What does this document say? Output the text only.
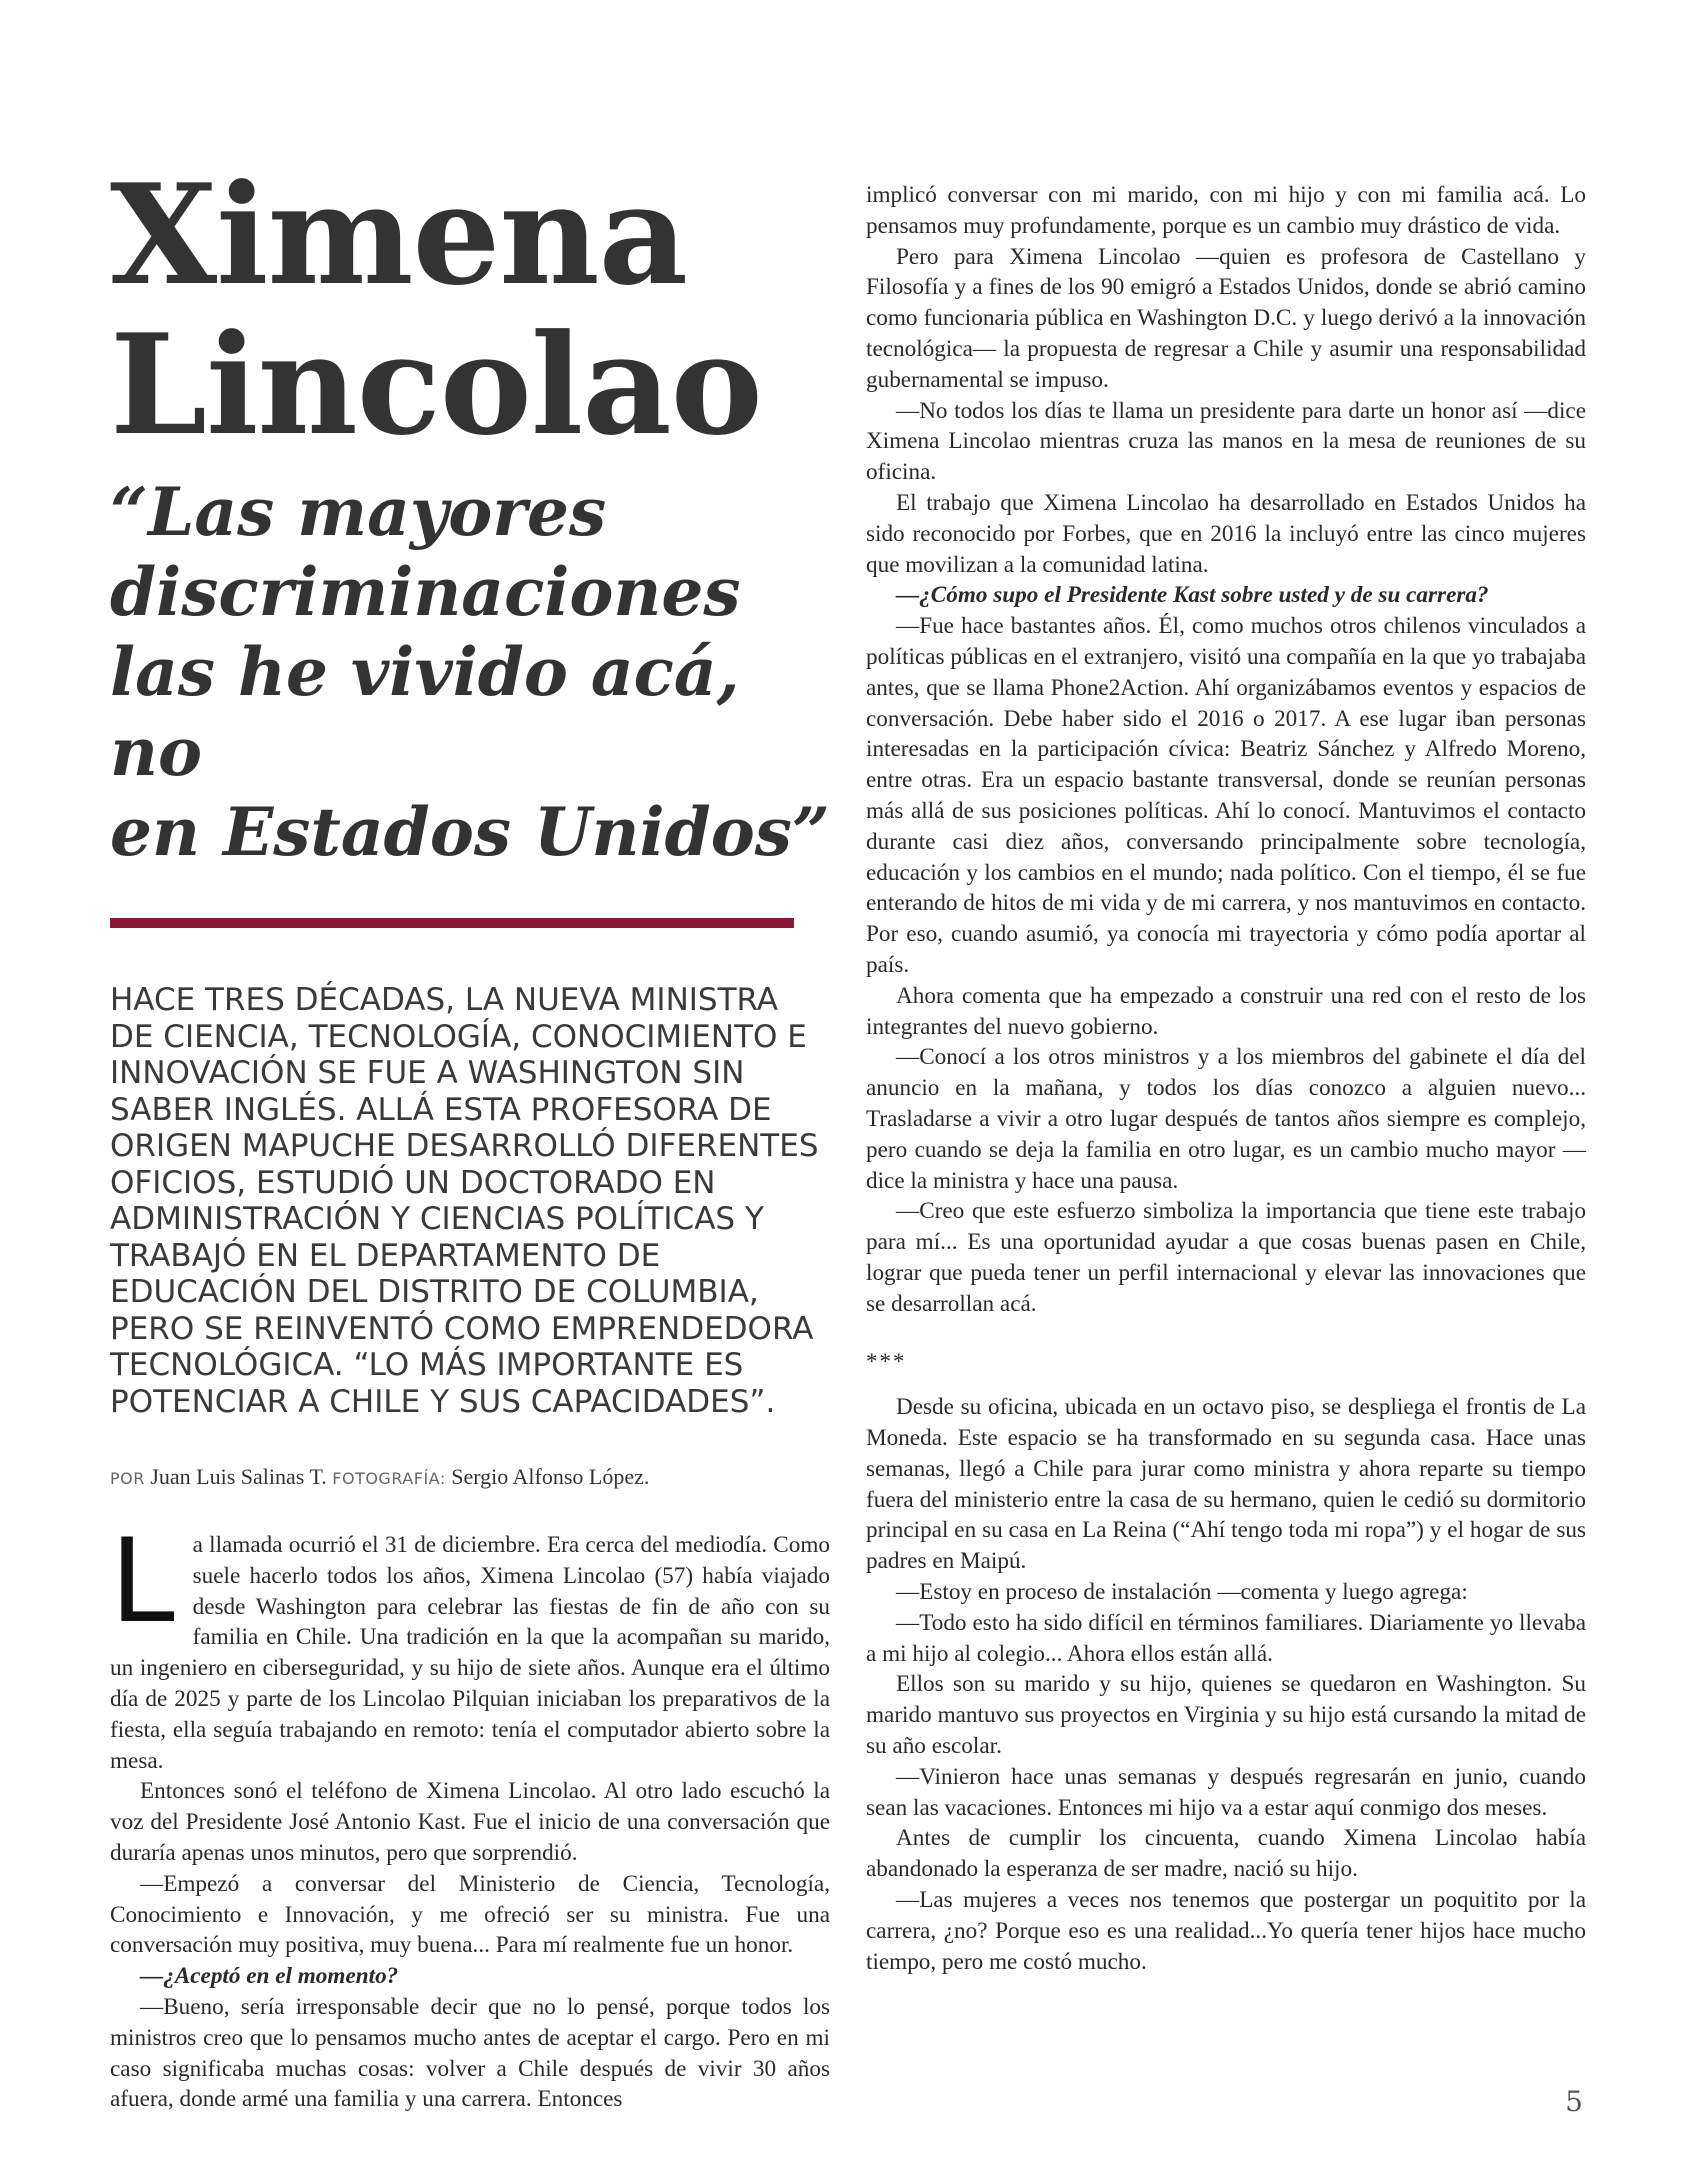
Ximena
Lincolao
“Las mayores
discriminaciones
las he vivido acá, no
en Estados Unidos”

HACE TRES DÉCADAS, LA NUEVA MINISTRA DE CIENCIA, TECNOLOGÍA, CONOCIMIENTO E INNOVACIÓN SE FUE A WASHINGTON SIN SABER INGLÉS. ALLÁ ESTA PROFESORA DE ORIGEN MAPUCHE DESARROLLÓ DIFERENTES OFICIOS, ESTUDIÓ UN DOCTORADO EN ADMINISTRACIÓN Y CIENCIAS POLÍTICAS Y TRABAJÓ EN EL DEPARTAMENTO DE EDUCACIÓN DEL DISTRITO DE COLUMBIA, PERO SE REINVENTÓ COMO EMPRENDEDORA TECNOLÓGICA. “LO MÁS IMPORTANTE ES POTENCIAR A CHILE Y SUS CAPACIDADES”.

POR Juan Luis Salinas T. FOTOGRAFÍA: Sergio Alfonso López.

La llamada ocurrió el 31 de diciembre. Era cerca del mediodía. Como suele hacerlo todos los años, Ximena Lincolao (57) había viajado desde Washington para celebrar las fiestas de fin de año con su familia en Chile. Una tradición en la que la acompañan su marido, un ingeniero en ciberseguridad, y su hijo de siete años. Aunque era el último día de 2025 y parte de los Lincolao Pilquian iniciaban los preparativos de la fiesta, ella seguía trabajando en remoto: tenía el computador abierto sobre la mesa.

Entonces sonó el teléfono de Ximena Lincolao. Al otro lado escuchó la voz del Presidente José Antonio Kast. Fue el inicio de una conversación que duraría apenas unos minutos, pero que sorprendió.

—Empezó a conversar del Ministerio de Ciencia, Tecnología, Conocimiento e Innovación, y me ofreció ser su ministra. Fue una conversación muy positiva, muy buena... Para mí realmente fue un honor.

—¿Aceptó en el momento?

—Bueno, sería irresponsable decir que no lo pensé, porque todos los ministros creo que lo pensamos mucho antes de aceptar el cargo. Pero en mi caso significaba muchas cosas: volver a Chile después de vivir 30 años afuera, donde armé una familia y una carrera. Entonces

implicó conversar con mi marido, con mi hijo y con mi familia acá. Lo pensamos muy profundamente, porque es un cambio muy drástico de vida.

Pero para Ximena Lincolao —quien es profesora de Castellano y Filosofía y a fines de los 90 emigró a Estados Unidos, donde se abrió camino como funcionaria pública en Washington D.C. y luego derivó a la innovación tecnológica— la propuesta de regresar a Chile y asumir una responsabilidad gubernamental se impuso.

—No todos los días te llama un presidente para darte un honor así —dice Ximena Lincolao mientras cruza las manos en la mesa de reuniones de su oficina.

El trabajo que Ximena Lincolao ha desarrollado en Estados Unidos ha sido reconocido por Forbes, que en 2016 la incluyó entre las cinco mujeres que movilizan a la comunidad latina.

—¿Cómo supo el Presidente Kast sobre usted y de su carrera?

—Fue hace bastantes años. Él, como muchos otros chilenos vinculados a políticas públicas en el extranjero, visitó una compañía en la que yo trabajaba antes, que se llama Phone2Action. Ahí organizábamos eventos y espacios de conversación. Debe haber sido el 2016 o 2017. A ese lugar iban personas interesadas en la participación cívica: Beatriz Sánchez y Alfredo Moreno, entre otras. Era un espacio bastante transversal, donde se reunían personas más allá de sus posiciones políticas. Ahí lo conocí. Mantuvimos el contacto durante casi diez años, conversando principalmente sobre tecnología, educación y los cambios en el mundo; nada político. Con el tiempo, él se fue enterando de hitos de mi vida y de mi carrera, y nos mantuvimos en contacto. Por eso, cuando asumió, ya conocía mi trayectoria y cómo podía aportar al país.

Ahora comenta que ha empezado a construir una red con el resto de los integrantes del nuevo gobierno.

—Conocí a los otros ministros y a los miembros del gabinete el día del anuncio en la mañana, y todos los días conozco a alguien nuevo... Trasladarse a vivir a otro lugar después de tantos años siempre es complejo, pero cuando se deja la familia en otro lugar, es un cambio mucho mayor —dice la ministra y hace una pausa.

—Creo que este esfuerzo simboliza la importancia que tiene este trabajo para mí... Es una oportunidad ayudar a que cosas buenas pasen en Chile, lograr que pueda tener un perfil internacional y elevar las innovaciones que se desarrollan acá.

***

Desde su oficina, ubicada en un octavo piso, se despliega el frontis de La Moneda. Este espacio se ha transformado en su segunda casa. Hace unas semanas, llegó a Chile para jurar como ministra y ahora reparte su tiempo fuera del ministerio entre la casa de su hermano, quien le cedió su dormitorio principal en su casa en La Reina (“Ahí tengo toda mi ropa”) y el hogar de sus padres en Maipú.

—Estoy en proceso de instalación —comenta y luego agrega:

—Todo esto ha sido difícil en términos familiares. Diariamente yo llevaba a mi hijo al colegio... Ahora ellos están allá.

Ellos son su marido y su hijo, quienes se quedaron en Washington. Su marido mantuvo sus proyectos en Virginia y su hijo está cursando la mitad de su año escolar.

—Vinieron hace unas semanas y después regresarán en junio, cuando sean las vacaciones. Entonces mi hijo va a estar aquí conmigo dos meses.

Antes de cumplir los cincuenta, cuando Ximena Lincolao había abandonado la esperanza de ser madre, nació su hijo.

—Las mujeres a veces nos tenemos que postergar un poquitito por la carrera, ¿no? Porque eso es una realidad...Yo quería tener hijos hace mucho tiempo, pero me costó mucho.

5
